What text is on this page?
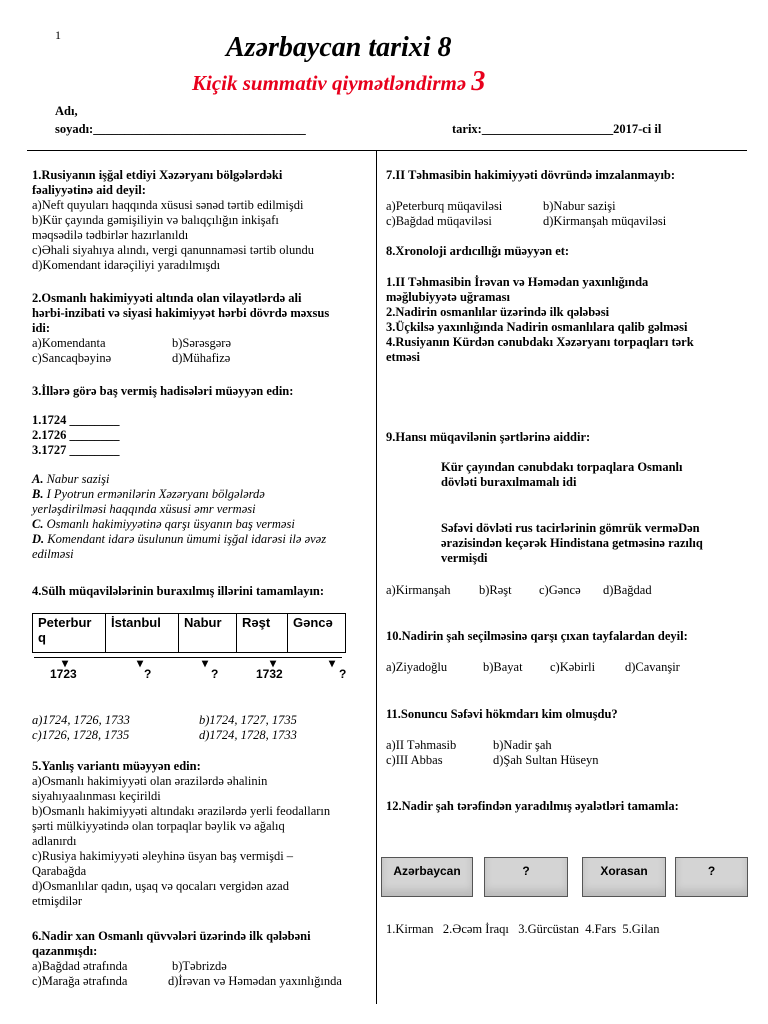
1	Azərbaycan tarixi 8
Kiçik summativ qiymətləndirmə 3
Adı,
soyadı:__________________________________	tarix:_____________________2017-ci il
1.Rusiyanın işğal etdiyi Xəzəryanı bölgələrdəki
fəaliyyətinə aid deyil:
a)Neft quyuları haqqında xüsusi sənəd tərtib edilmişdi
b)Kür çayında gəmişiliyin və balıqçılığın inkişafı
məqsədilə tədbirlər hazırlanıldı
c)Əhali siyahıya alındı, vergi qanunnaməsi tərtib olundu
d)Komendant idarəçiliyi yaradılmışdı
2.Osmanlı hakimiyyəti altında olan vilayətlərdə ali
hərbi-inzibati və siyasi hakimiyyət hərbi dövrdə məxsus
idi:
a)Komendanta	b)Sərəsgərə
c)Sancaqbəyinə	d)Mühafizə
3.İllərə görə baş vermiş hadisələri müəyyən edin:
1.1724 ________
2.1726 ________
3.1727 ________
A. Nabur sazişi
B. I Pyotrun ermənilərin Xəzəryanı bölgələrdə
yerləşdirilməsi haqqında xüsusi əmr verməsi
C. Osmanlı hakimiyyətinə qarşı üsyanın baş verməsi
D. Komendant idarə üsulunun ümumi işğal idarəsi ilə əvəz
edilməsi
4.Sülh müqavilələrinin buraxılmış illərini tamamlayın:
Peterbur
q	İstanbul	Nabur	Rəşt	Gəncə
▾	▾	▾	▾	▾
1723	?	?	1732	?
a)1724, 1726, 1733	b)1724, 1727, 1735
c)1726, 1728, 1735	d)1724, 1728, 1733
5.Yanlış variantı müəyyən edin:
a)Osmanlı hakimiyyəti olan ərazilərdə əhalinin
siyahıyaalınması keçirildi
b)Osmanlı hakimiyyəti altındakı ərazilərdə yerli feodalların
şərti mülkiyyətində olan torpaqlar bəylik və ağalıq
adlanırdı
c)Rusiya hakimiyyəti əleyhinə üsyan baş vermişdi –
Qarabağda
d)Osmanlılar qadın, uşaq və qocaları vergidən azad
etmişdilər
6.Nadir xan Osmanlı qüvvələri üzərində ilk qələbəni
qazanmışdı:
a)Bağdad ətrafında	b)Təbrizdə
c)Marağa ətrafında	d)İrəvan və Həmədan yaxınlığında
7.II Təhmasibin hakimiyyəti dövründə imzalanmayıb:
a)Peterburq müqaviləsi	b)Nabur sazişi
c)Bağdad müqaviləsi	d)Kirmanşah müqaviləsi
8.Xronoloji ardıcıllığı müəyyən et:
1.II Təhmasibin İrəvan və Həmədan yaxınlığında
məğlubiyyətə uğraması
2.Nadirin osmanlılar üzərində ilk qələbəsi
3.Üçkilsə yaxınlığında Nadirin osmanlılara qalib gəlməsi
4.Rusiyanın Kürdən cənubdakı Xəzəryanı torpaqları tərk
etməsi
9.Hansı müqavilənin şərtlərinə aiddir:
Kür çayından cənubdakı torpaqlara Osmanlı
dövləti buraxılmamalı idi
Səfəvi dövləti rus tacirlərinin gömrük verməDən
ərazisindən keçərək Hindistana getməsinə razılıq
vermişdi
a)Kirmanşah b)Rəşt c)Gəncə d)Bağdad
10.Nadirin şah seçilməsinə qarşı çıxan tayfalardan deyil:
a)Ziyadoğlu	b)Bayat c)Kəbirli d)Cavanşir
11.Sonuncu Səfəvi hökmdarı kim olmuşdu?
a)II Təhmasib	b)Nadir şah
c)III Abbas	d)Şah Sultan Hüseyn
12.Nadir şah tərəfindən yaradılmış əyalətləri tamamla:
Azərbaycan	?	Xorasan	?
1.Kirman   2.Əcəm İraqı   3.Gürcüstan  4.Fars  5.Gilan
